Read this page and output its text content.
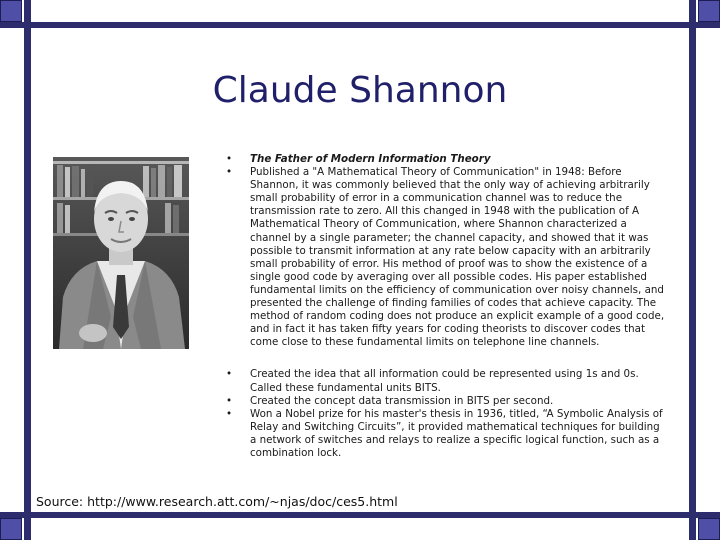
Claude Shannon
• The Father of Modern Information Theory
• Published a "A Mathematical Theory of Communication" in 1948: Before Shannon, it was commonly believed that the only way of achieving arbitrarily small probability of error in a communication channel was to reduce the transmission rate to zero. All this changed in 1948 with the publication of A Mathematical Theory of Communication, where Shannon characterized a channel by a single parameter; the channel capacity, and showed that it was possible to transmit information at any rate below capacity with an arbitrarily small probability of error. His method of proof was to show the existence of a single good code by averaging over all possible codes. His paper established fundamental limits on the efficiency of communication over noisy channels, and presented the challenge of finding families of codes that achieve capacity. The method of random coding does not produce an explicit example of a good code, and in fact it has taken fifty years for coding theorists to discover codes that come close to these fundamental limits on telephone line channels.
• Created the idea that all information could be represented using 1s and 0s. Called these fundamental units BITS.
• Created the concept data transmission in BITS per second.
• Won a Nobel prize for his master's thesis in 1936, titled, “A Symbolic Analysis of Relay and Switching Circuits”, it provided mathematical techniques for building a network of switches and relays to realize a specific logical function, such as a combination lock.
Source: http://www.research.att.com/~njas/doc/ces5.html
